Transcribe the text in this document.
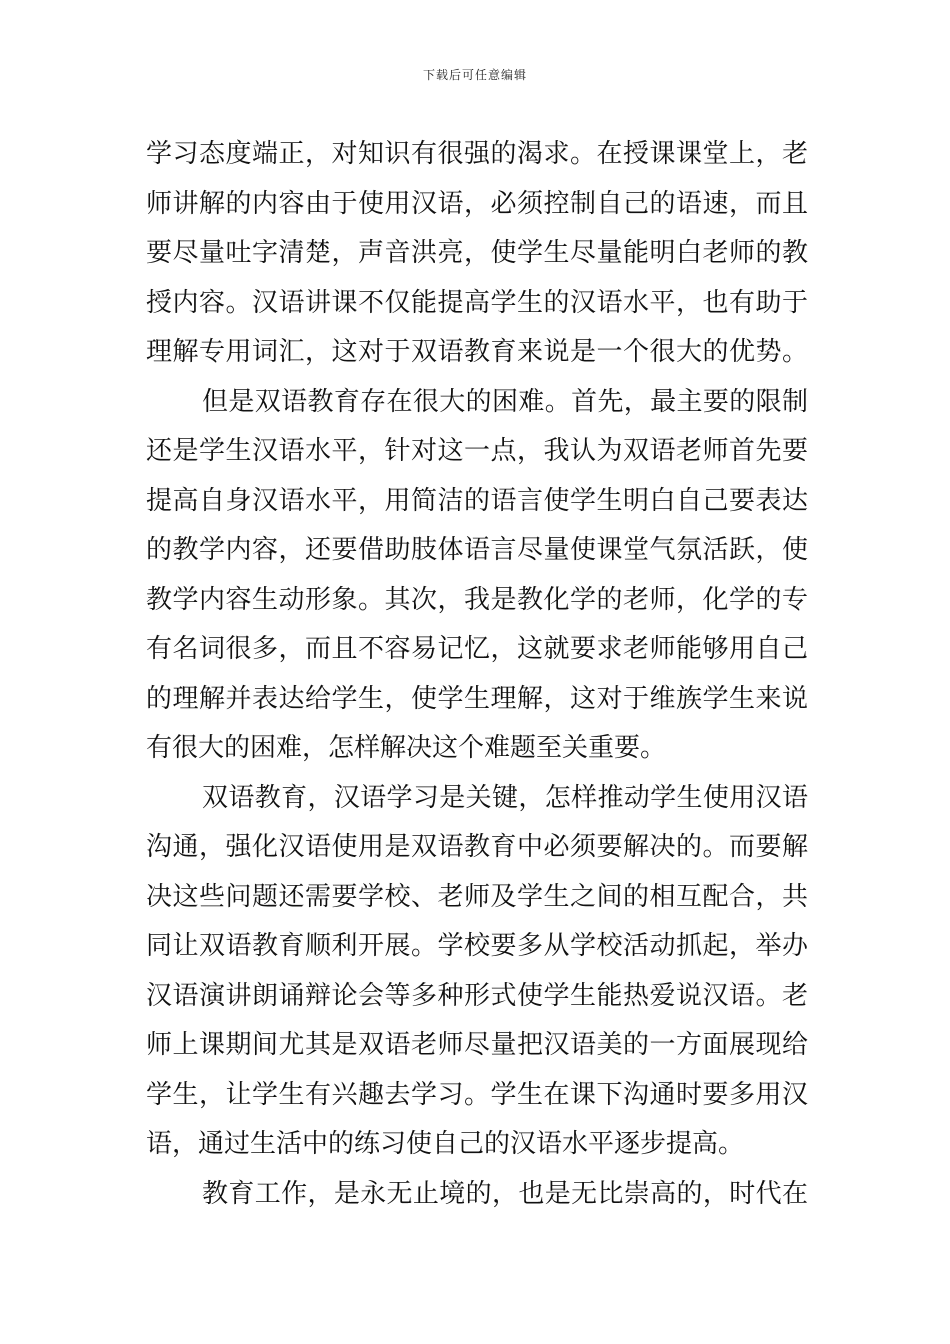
下载后可任意编辑
学习态度端正，对知识有很强的渴求。在授课课堂上，老
师讲解的内容由于使用汉语，必须控制自己的语速，而且
要尽量吐字清楚，声音洪亮，使学生尽量能明白老师的教
授内容。汉语讲课不仅能提高学生的汉语水平，也有助于
理解专用词汇，这对于双语教育来说是一个很大的优势。
但是双语教育存在很大的困难。首先，最主要的限制
还是学生汉语水平，针对这一点，我认为双语老师首先要
提高自身汉语水平，用简洁的语言使学生明白自己要表达
的教学内容，还要借助肢体语言尽量使课堂气氛活跃，使
教学内容生动形象。其次，我是教化学的老师，化学的专
有名词很多，而且不容易记忆，这就要求老师能够用自己
的理解并表达给学生，使学生理解，这对于维族学生来说
有很大的困难，怎样解决这个难题至关重要。
双语教育，汉语学习是关键，怎样推动学生使用汉语
沟通，强化汉语使用是双语教育中必须要解决的。而要解
决这些问题还需要学校、老师及学生之间的相互配合，共
同让双语教育顺利开展。学校要多从学校活动抓起，举办
汉语演讲朗诵辩论会等多种形式使学生能热爱说汉语。老
师上课期间尤其是双语老师尽量把汉语美的一方面展现给
学生，让学生有兴趣去学习。学生在课下沟通时要多用汉
语，通过生活中的练习使自己的汉语水平逐步提高。
教育工作，是永无止境的，也是无比崇高的，时代在
